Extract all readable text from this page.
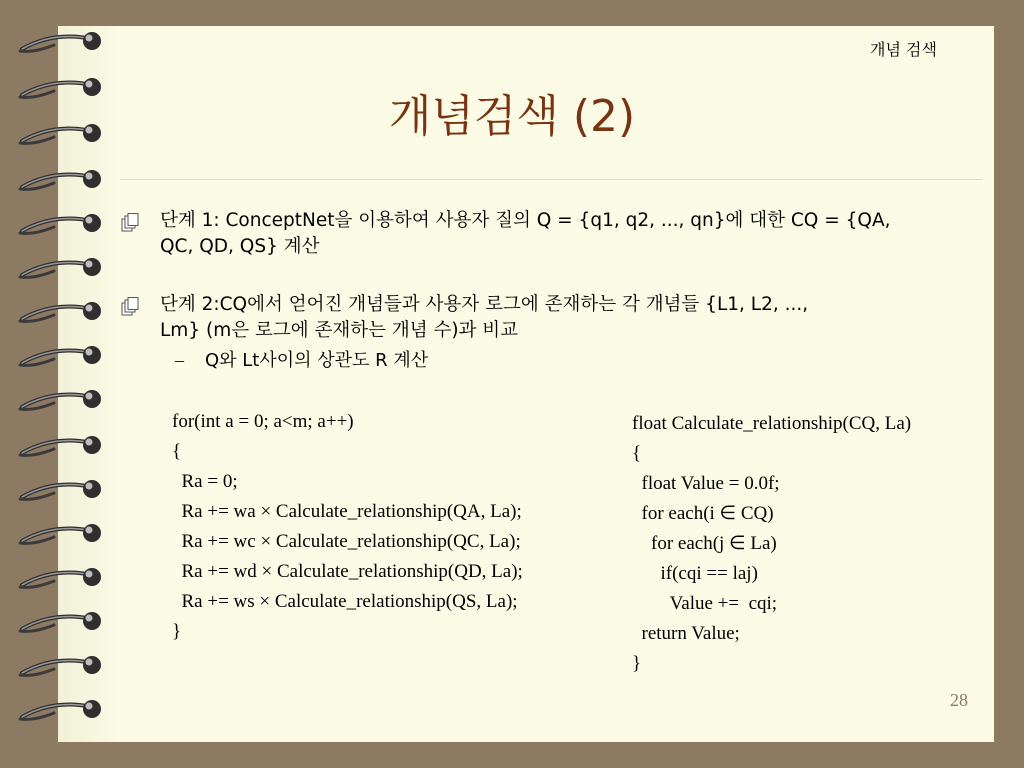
개념 검색
개념검색 (2)
단계 1: ConceptNet을 이용하여 사용자 질의 Q = {q1, q2, ..., qn}에 대한 CQ = {QA,
QC, QD, QS} 계산
단계 2:CQ에서 얻어진 개념들과 사용자 로그에 존재하는 각 개념들 {L1, L2, ...,
Lm} (m은 로그에 존재하는 개념 수)과 비교
– Q와 Lt사이의 상관도 R 계산
for(int a = 0; a<m; a++)
{
Ra = 0;
Ra += wa × Calculate_relationship(QA, La);
Ra += wc × Calculate_relationship(QC, La);
Ra += wd × Calculate_relationship(QD, La);
Ra += ws × Calculate_relationship(QS, La);
}
float Calculate_relationship(CQ, La)
{
float Value = 0.0f;
for each(i ∈ CQ)
for each(j ∈ La)
if(cqi == laj)
Value +=  cqi;
return Value;
}
28
